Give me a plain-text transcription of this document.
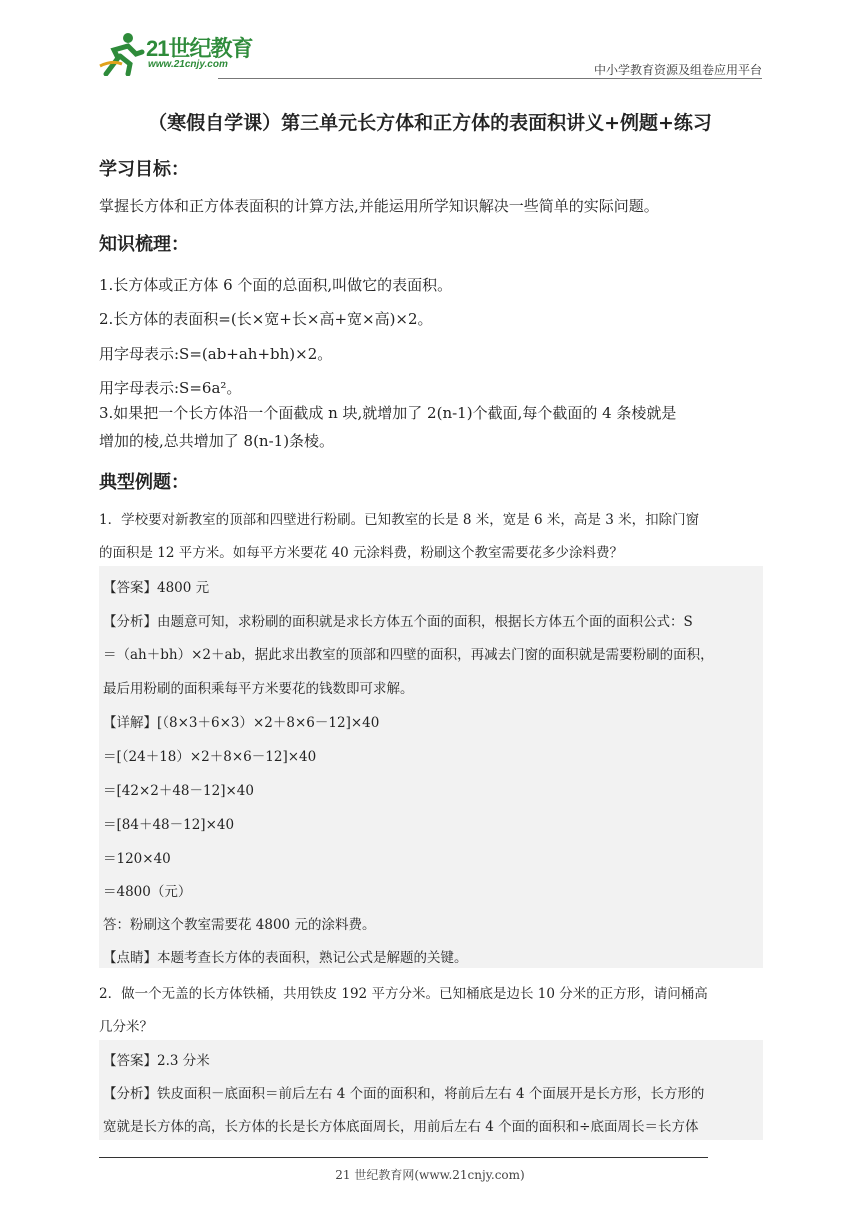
21世纪教育
www.21cnjy.com	中小学教育资源及组卷应用平台
（寒假自学课）第三单元长方体和正方体的表面积讲义+例题+练习
学习目标：
掌握长方体和正方体表面积的计算方法,并能运用所学知识解决一些简单的实际问题。
知识梳理：
1.长方体或正方体 6 个面的总面积,叫做它的表面积。
2.长方体的表面积=(长×宽+长×高+宽×高)×2。
用字母表示:S=(ab+ah+bh)×2。
用字母表示:S=6a²。
3.如果把一个长方体沿一个面截成 n 块,就增加了 2(n-1)个截面,每个截面的 4 条棱就是
增加的棱,总共增加了 8(n-1)条棱。
典型例题：
1．学校要对新教室的顶部和四壁进行粉刷。已知教室的长是 8 米，宽是 6 米，高是 3 米，扣除门窗
的面积是 12 平方米。如每平方米要花 40 元涂料费，粉刷这个教室需要花多少涂料费？
【答案】4800 元
【分析】由题意可知，求粉刷的面积就是求长方体五个面的面积，根据长方体五个面的面积公式：S
＝（ah＋bh）×2＋ab，据此求出教室的顶部和四壁的面积，再减去门窗的面积就是需要粉刷的面积，
最后用粉刷的面积乘每平方米要花的钱数即可求解。
【详解】[（8×3＋6×3）×2＋8×6－12]×40
＝[（24＋18）×2＋8×6－12]×40
＝[42×2＋48－12]×40
＝[84＋48－12]×40
＝120×40
＝4800（元）
答：粉刷这个教室需要花 4800 元的涂料费。
【点睛】本题考查长方体的表面积，熟记公式是解题的关键。
2．做一个无盖的长方体铁桶，共用铁皮 192 平方分米。已知桶底是边长 10 分米的正方形，请问桶高
几分米？
【答案】2.3 分米
【分析】铁皮面积－底面积＝前后左右 4 个面的面积和，将前后左右 4 个面展开是长方形，长方形的
宽就是长方体的高，长方体的长是长方体底面周长，用前后左右 4 个面的面积和÷底面周长＝长方体
21 世纪教育网(www.21cnjy.com)
